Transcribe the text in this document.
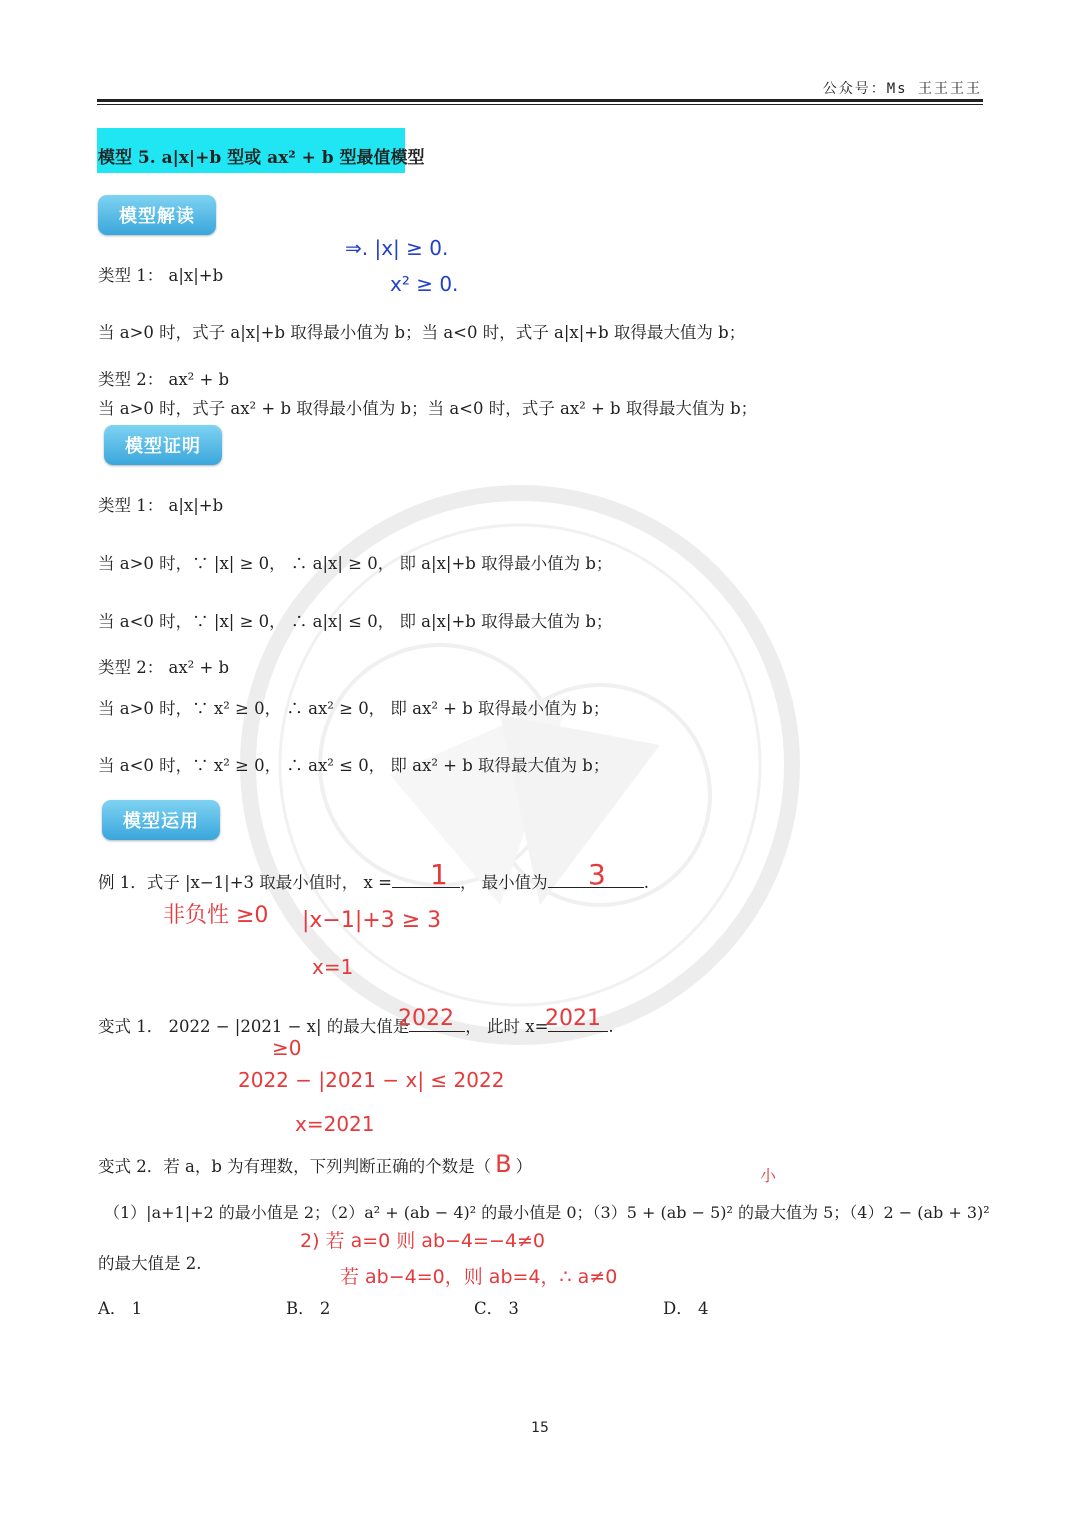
公众号：Ms 王王王王
模型 5. a|x|+b 型或 ax² + b 型最值模型
模型解读
类型 1： a|x|+b
⇒. |x| ≥ 0.
x² ≥ 0.
当 a>0 时，式子 a|x|+b 取得最小值为 b；当 a<0 时，式子 a|x|+b 取得最大值为 b；
类型 2： ax² + b
当 a>0 时，式子 ax² + b 取得最小值为 b；当 a<0 时，式子 ax² + b 取得最大值为 b；
模型证明
类型 1： a|x|+b
当 a>0 时，∵ |x| ≥ 0， ∴ a|x| ≥ 0， 即 a|x|+b 取得最小值为 b；
当 a<0 时，∵ |x| ≥ 0， ∴ a|x| ≤ 0， 即 a|x|+b 取得最大值为 b；
类型 2： ax² + b
当 a>0 时，∵ x² ≥ 0， ∴ ax² ≥ 0， 即 ax² + b 取得最小值为 b；
当 a<0 时，∵ x² ≥ 0， ∴ ax² ≤ 0， 即 ax² + b 取得最大值为 b；
模型运用
例 1．式子 |x−1|+3 取最小值时， x =	， 最小值为	.
1	3
非负性 ≥0 |x−1|+3 ≥ 3
x=1
变式 1． 2022 − |2021 − x| 的最大值是	， 此时 x=	.
2022	2021
≥0
2022 − |2021 − x| ≤ 2022
x=2021
变式 2．若 a，b 为有理数，下列判断正确的个数是（ B ）	小
（1）|a+1|+2 的最小值是 2；（2）a² + (ab − 4)² 的最小值是 0；（3）5 + (ab − 5)² 的最大值为 5；（4）2 − (ab + 3)²
2) 若 a=0 则 ab−4=−4≠0
的最大值是 2.
若 ab−4=0，则 ab=4，∴ a≠0
A． 1	B． 2	C． 3	D． 4
15
